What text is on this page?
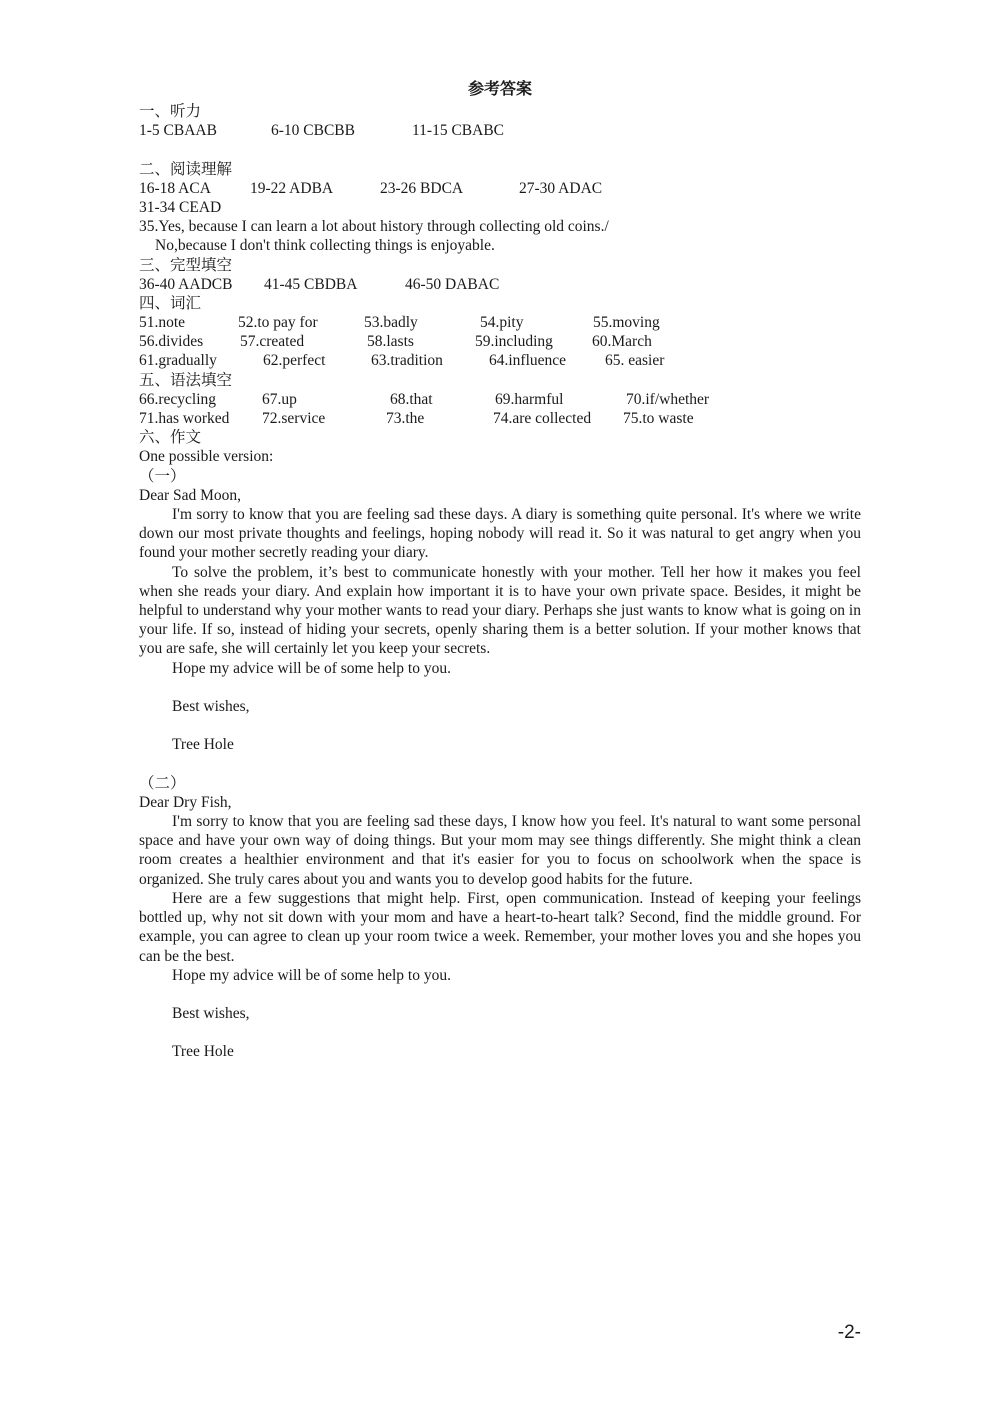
参考答案
一、听力
1-5 CBAAB	6-10 CBCBB	11-15 CBABC
二、阅读理解
16-18 ACA	19-22 ADBA	23-26 BDCA	27-30 ADAC
31-34 CEAD
35.Yes, because I can learn a lot about history through collecting old coins./
No,because I don't think collecting things is enjoyable.
三、完型填空
36-40 AADCB 41-45 CBDBA	46-50 DABAC
四、词汇
51.note	52.to pay for	53.badly	54.pity	55.moving
56.divides 57.created	58.lasts	59.including	60.March
61.gradually	62.perfect	63.tradition	64.influence	65. easier
五、语法填空
66.recycling	67.up	68.that	69.harmful	70.if/whether
71.has worked 72.service	73.the	74.are collected 75.to waste
六、作文
One possible version:
（一）
Dear Sad Moon,
I'm sorry to know that you are feeling sad these days. A diary is something quite personal. It's where we write down our most private thoughts and feelings, hoping nobody will read it. So it was natural to get angry when you found your mother secretly reading your diary.
To solve the problem, it’s best to communicate honestly with your mother. Tell her how it makes you feel when she reads your diary. And explain how important it is to have your own private space. Besides, it might be helpful to understand why your mother wants to read your diary. Perhaps she just wants to know what is going on in your life. If so, instead of hiding your secrets, openly sharing them is a better solution. If your mother knows that you are safe, she will certainly let you keep your secrets.
Hope my advice will be of some help to you.
Best wishes,
Tree Hole
（二）
Dear Dry Fish,
I'm sorry to know that you are feeling sad these days, I know how you feel. It's natural to want some personal space and have your own way of doing things. But your mom may see things differently. She might think a clean room creates a healthier environment and that it's easier for you to focus on schoolwork when the space is organized. She truly cares about you and wants you to develop good habits for the future.
Here are a few suggestions that might help. First, open communication. Instead of keeping your feelings bottled up, why not sit down with your mom and have a heart-to-heart talk? Second, find the middle ground. For example, you can agree to clean up your room twice a week. Remember, your mother loves you and she hopes you can be the best.
Hope my advice will be of some help to you.
Best wishes,
Tree Hole
-2-
